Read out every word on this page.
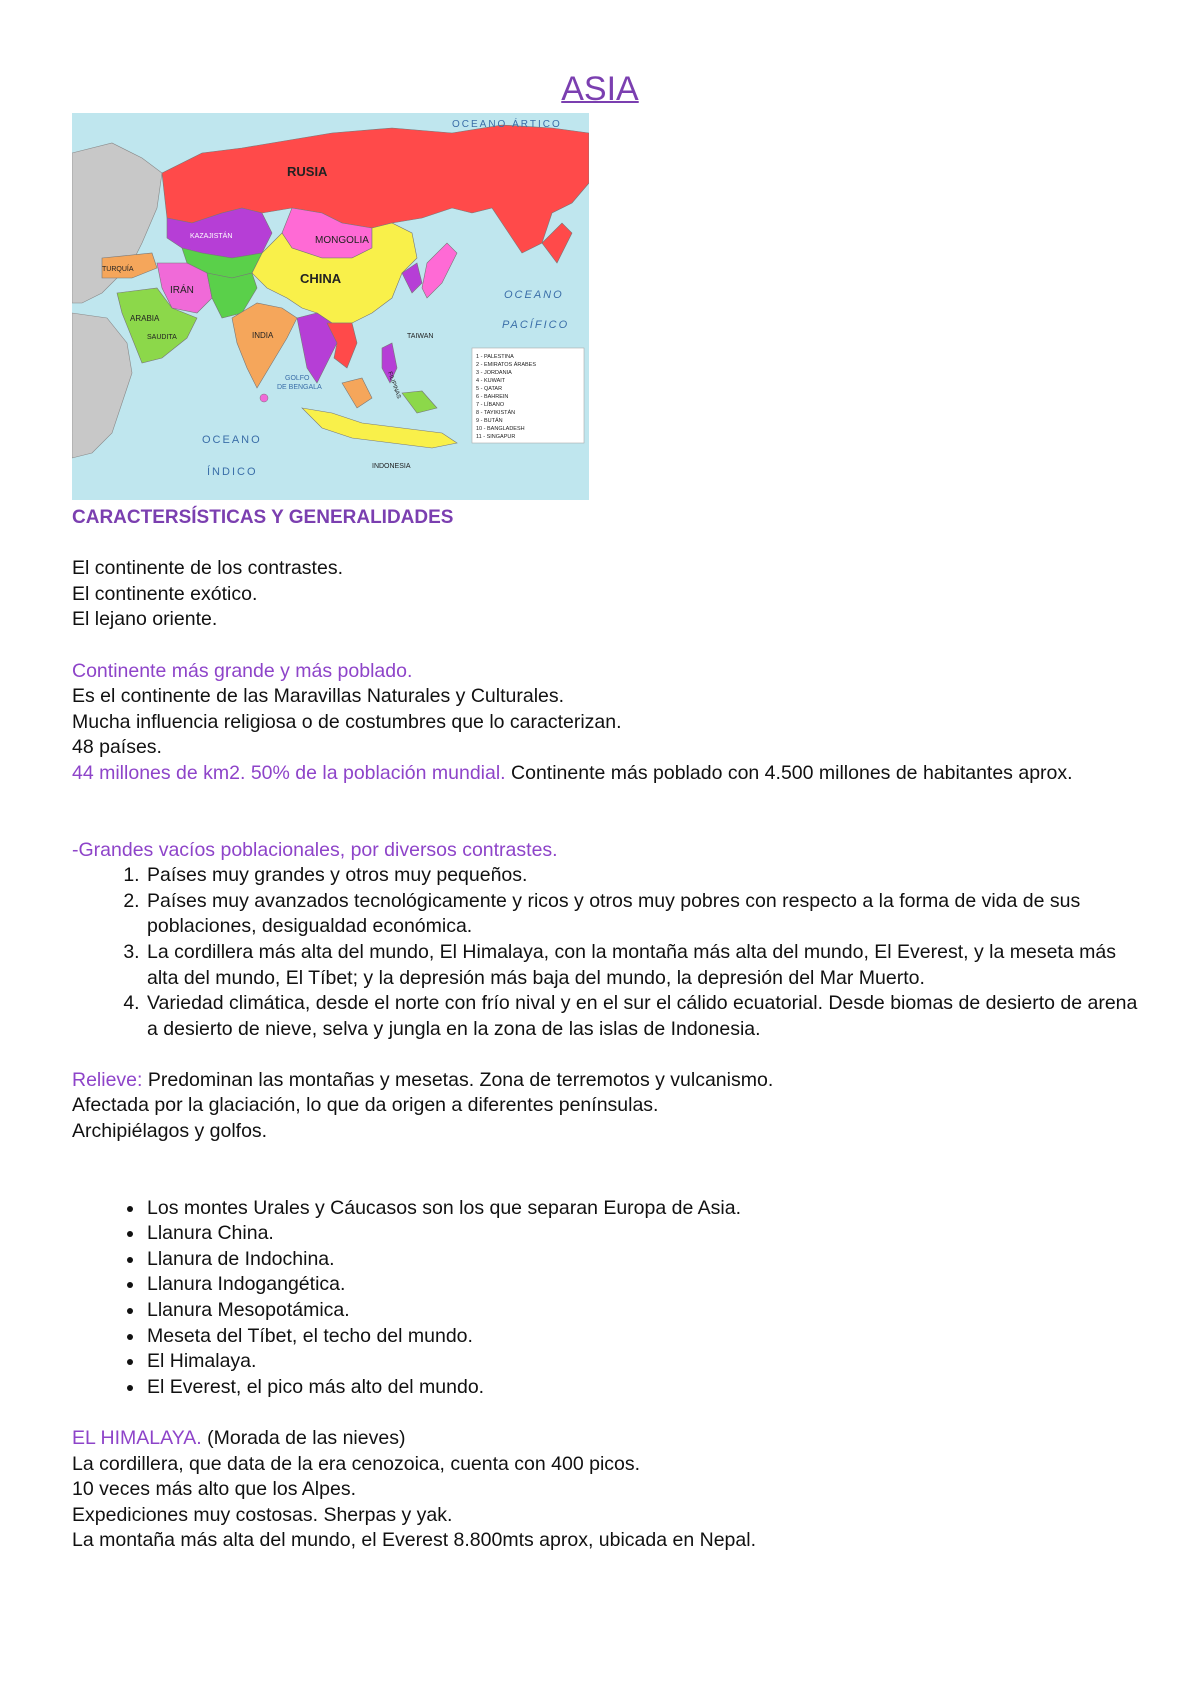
ASIA
OCEANO ÁRTICO
RUSIA
KAZAJISTÁN	MONGOLIA
CHINA
TURQUÍA
IRÁN
ARABIA
SAUDITA	INDIA	TAIWAN
OCEANO
PACÍFICO
GOLFO
DE BENGALA
OCEANO
ÍNDICO	INDONESIA
FILIPINAS
1 - PALESTINA
2 - EMIRATOS ÁRABES
3 - JORDANIA
4 - KUWAIT
5 - QATAR
6 - BAHREIN
7 - LÍBANO
8 - TAYIKISTÁN
9 - BUTÁN
10 - BANGLADESH
11 - SINGAPUR

CARACTERSÍSTICAS Y GENERALIDADES

El continente de los contrastes.

El continente exótico.

El lejano oriente.

Continente más grande y más poblado.

Es el continente de las Maravillas Naturales y Culturales.

Mucha influencia religiosa o de costumbres que lo caracterizan.

48 países.

44 millones de km2. 50% de la población mundial. Continente más poblado con 4.500 millones de habitantes aprox.

-Grandes vacíos poblacionales, por diversos contrastes.

1. Países muy grandes y otros muy pequeños.
2. Países muy avanzados tecnológicamente y ricos y otros muy pobres con respecto a la forma de vida de sus poblaciones, desigualdad económica.
3. La cordillera más alta del mundo, El Himalaya, con la montaña más alta del mundo, El Everest, y la meseta más alta del mundo, El Tíbet; y la depresión más baja del mundo, la depresión del Mar Muerto.
4. Variedad climática, desde el norte con frío nival y en el sur el cálido ecuatorial. Desde biomas de desierto de arena a desierto de nieve, selva y jungla en la zona de las islas de Indonesia.

Relieve: Predominan las montañas y mesetas. Zona de terremotos y vulcanismo.

Afectada por la glaciación, lo que da origen a diferentes penínsulas.

Archipiélagos y golfos.

• Los montes Urales y Cáucasos son los que separan Europa de Asia.
• Llanura China.
• Llanura de Indochina.
• Llanura Indogangética.
• Llanura Mesopotámica.
• Meseta del Tíbet, el techo del mundo.
• El Himalaya.
• El Everest, el pico más alto del mundo.

EL HIMALAYA. (Morada de las nieves)

La cordillera, que data de la era cenozoica, cuenta con 400 picos.

10 veces más alto que los Alpes.

Expediciones muy costosas. Sherpas y yak.

La montaña más alta del mundo, el Everest 8.800mts aprox, ubicada en Nepal.
